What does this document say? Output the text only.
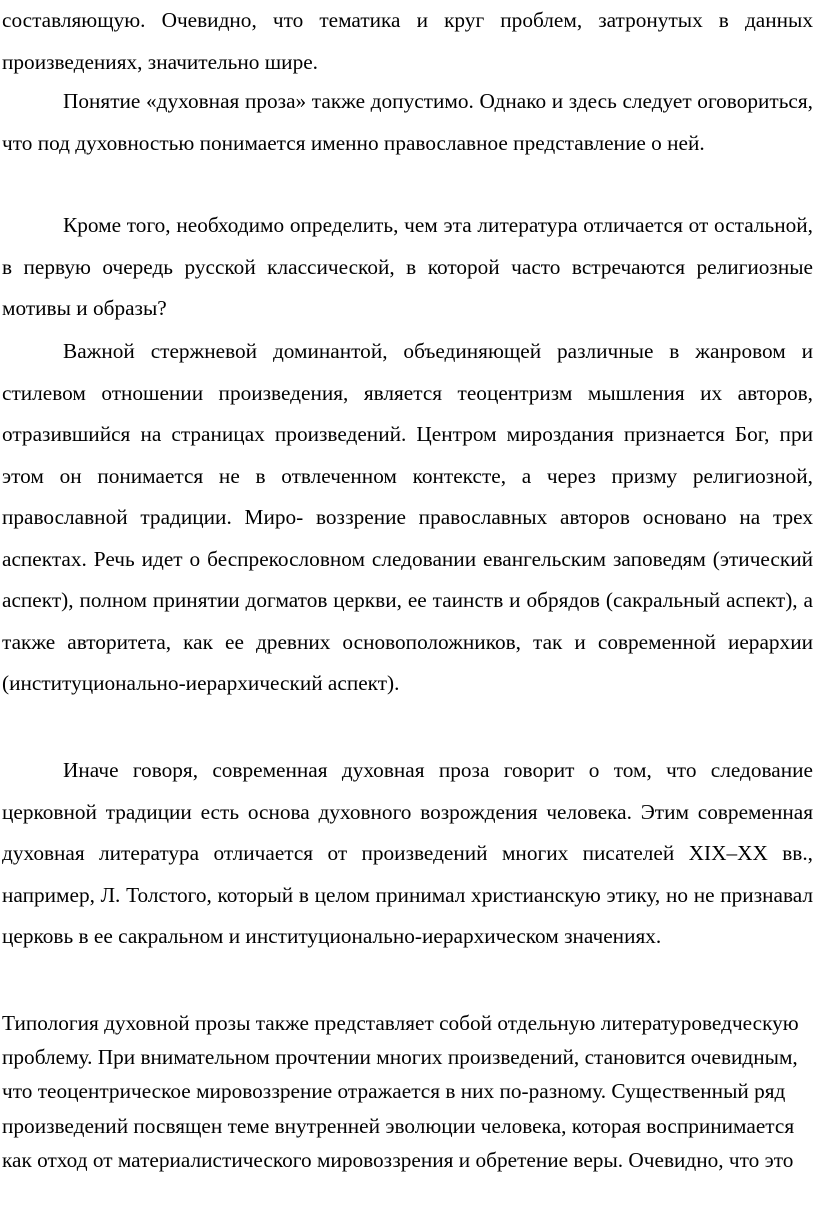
составляющую. Очевидно, что тематика и круг проблем, затронутых в данных произведениях, значительно шире.

Понятие «духовная проза» также допустимо. Однако и здесь следует оговориться, что под духовностью понимается именно православное представление о ней.

Кроме того, необходимо определить, чем эта литература отличается от остальной, в первую очередь русской классической, в которой часто встречаются религиозные мотивы и образы?

Важной стержневой доминантой, объединяющей различные в жанровом и стилевом отношении произведения, является теоцентризм мышления их авторов, отразившийся на страницах произведений. Центром мироздания признается Бог, при этом он понимается не в отвлеченном контексте, а через призму религиозной, православной традиции. Миро- воззрение православных авторов основано на трех аспектах. Речь идет о беспрекословном следовании евангельским заповедям (этический аспект), полном принятии догматов церкви, ее таинств и обрядов (сакральный аспект), а также авторитета, как ее древних основоположников, так и современной иерархии (институционально-иерархический аспект).

Иначе говоря, современная духовная проза говорит о том, что следование церковной традиции есть основа духовного возрождения человека. Этим современная духовная литература отличается от произведений многих писателей XIX–XX вв., например, Л. Толстого, который в целом принимал христианскую этику, но не признавал церковь в ее сакральном и институционально-иерархическом значениях.

Типология духовной прозы также представляет собой отдельную литературоведческую проблему. При внимательном прочтении многих произведений, становится очевидным, что теоцентрическое мировоззрение отражается в них по-разному. Существенный ряд произведений посвящен теме внутренней эволюции человека, которая воспринимается как отход от материалистического мировоззрения и обретение веры. Очевидно, что это
